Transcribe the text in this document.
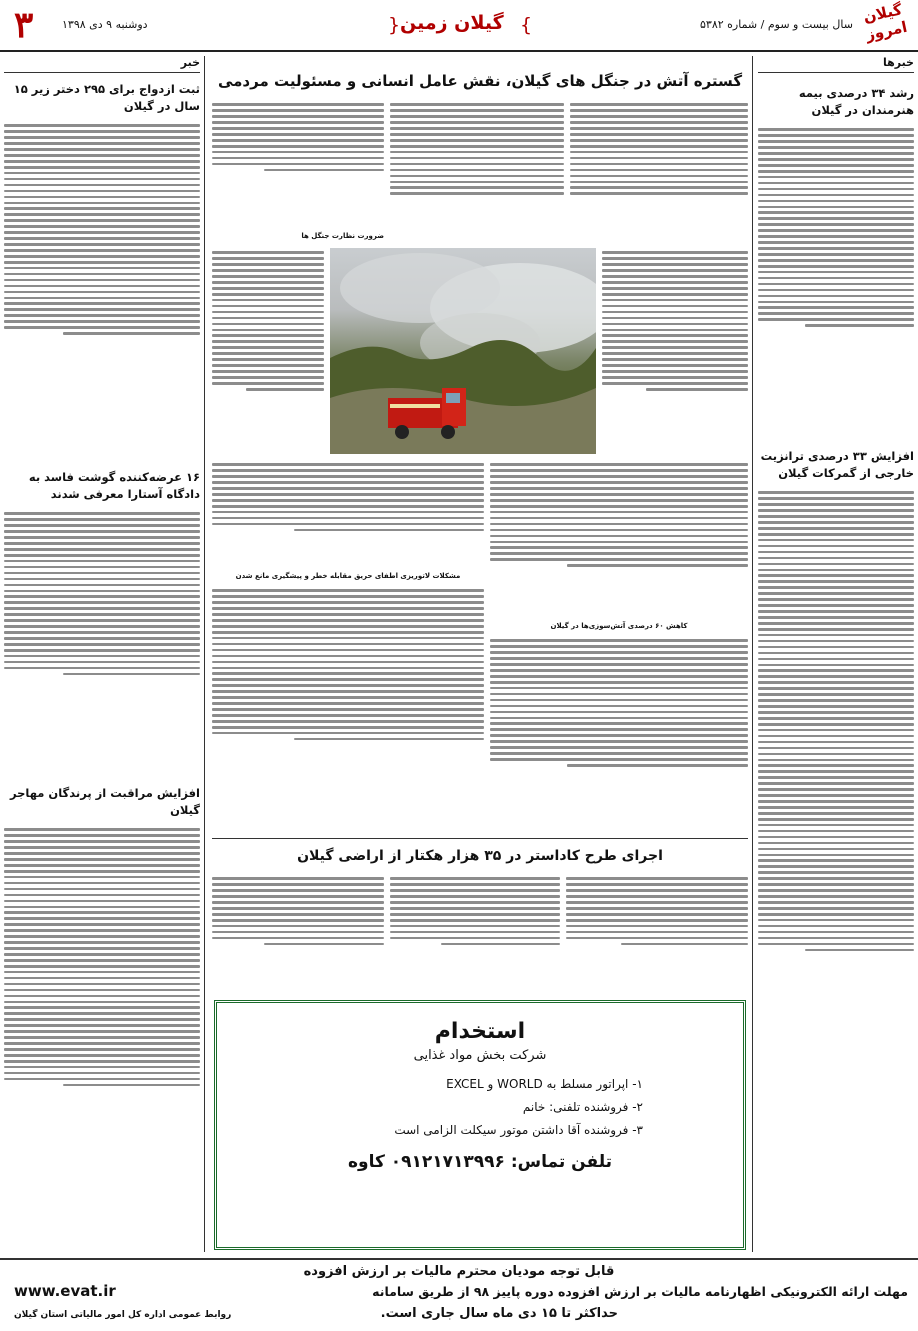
۳	دوشنبه ۹ دی ۱۳۹۸	{ گیلان زمین }	سال بیست و سوم / شماره ۵۳۸۲ گیلان امروز
خبرها
رشد ۳۴ درصدی بیمه هنرمندان در گیلان
افزایش ۳۳ درصدی ترانزیت خارجی از گمرکات گیلان
گستره آتش در جنگل های گیلان، نقش عامل انسانی و مسئولیت مردمی
ضرورت نظارت جنگل ها
کاهش ۶۰ درصدی آتش‌سوزی‌ها در گیلان
مشکلات لاتوریزی اطفای حریق مقابله خطر و پیشگیری مانع شدن
اجرای طرح کاداستر در ۳۵ هزار هکتار از اراضی گیلان
استخدام
شرکت بخش مواد غذایی
۱- اپراتور مسلط به WORLD و EXCEL
۲- فروشنده تلفنی: خانم
۳- فروشنده آقا داشتن موتور سیکلت الزامی است
تلفن تماس: ۰۹۱۲۱۷۱۳۹۹۶ کاوه
خبر
ثبت ازدواج برای ۲۹۵ دختر زیر ۱۵ سال در گیلان
۱۶ عرضه‌کننده گوشت فاسد به دادگاه آستارا معرفی شدند
افزایش مراقبت از پرندگان مهاجر گیلان
قابل توجه مودیان محترم مالیات بر ارزش افزوده
مهلت ارائه الکترونیکی اظهارنامه مالیات بر ارزش افزوده دوره پاییز ۹۸ از طریق سامانه
www.evat.ir
حداکثر تا ۱۵ دی ماه سال جاری است.
روابط عمومی اداره کل امور مالیاتی استان گیلان
